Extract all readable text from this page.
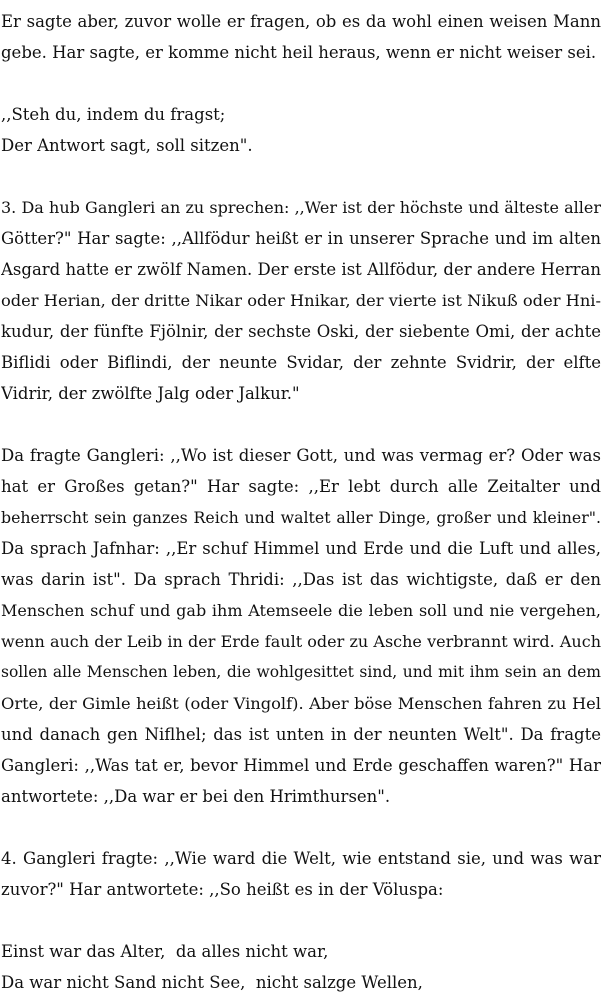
Er sagte aber, zuvor wolle er fragen, ob es da wohl einen weisen Mann
gebe. Har sagte, er komme nicht heil heraus, wenn er nicht weiser sei.

,,Steh du, indem du fragst;
Der Antwort sagt, soll sitzen".

3. Da hub Gangleri an zu sprechen: ,,Wer ist der höchste und älteste aller
Götter?" Har sagte: ,,Allfödur heißt er in unserer Sprache und im alten
Asgard hatte er zwölf Namen. Der erste ist Allfödur, der andere Herran
oder Herian, der dritte Nikar oder Hnikar, der vierte ist Nikuß oder Hni-
kudur, der fünfte Fjölnir, der sechste Oski, der siebente Omi, der achte
Biflidi oder Biflindi, der neunte Svidar, der zehnte Svidrir, der elfte
Vidrir, der zwölfte Jalg oder Jalkur."

Da fragte Gangleri: ,,Wo ist dieser Gott, und was vermag er? Oder was
hat er Großes getan?" Har sagte: ,,Er lebt durch alle Zeitalter und
beherrscht sein ganzes Reich und waltet aller Dinge, großer und kleiner".
Da sprach Jafnhar: ,,Er schuf Himmel und Erde und die Luft und alles,
was darin ist". Da sprach Thridi: ,,Das ist das wichtigste, daß er den
Menschen schuf und gab ihm Atemseele die leben soll und nie vergehen,
wenn auch der Leib in der Erde fault oder zu Asche verbrannt wird. Auch
sollen alle Menschen leben, die wohlgesittet sind, und mit ihm sein an dem
Orte, der Gimle heißt (oder Vingolf). Aber böse Menschen fahren zu Hel
und danach gen Niflhel; das ist unten in der neunten Welt". Da fragte
Gangleri: ,,Was tat er, bevor Himmel und Erde geschaffen waren?" Har
antwortete: ,,Da war er bei den Hrimthursen".

4. Gangleri fragte: ,,Wie ward die Welt, wie entstand sie, und was war
zuvor?" Har antwortete: ,,So heißt es in der Völuspa:

Einst war das Alter,  da alles nicht war,
Da war nicht Sand nicht See,  nicht salzge Wellen,
